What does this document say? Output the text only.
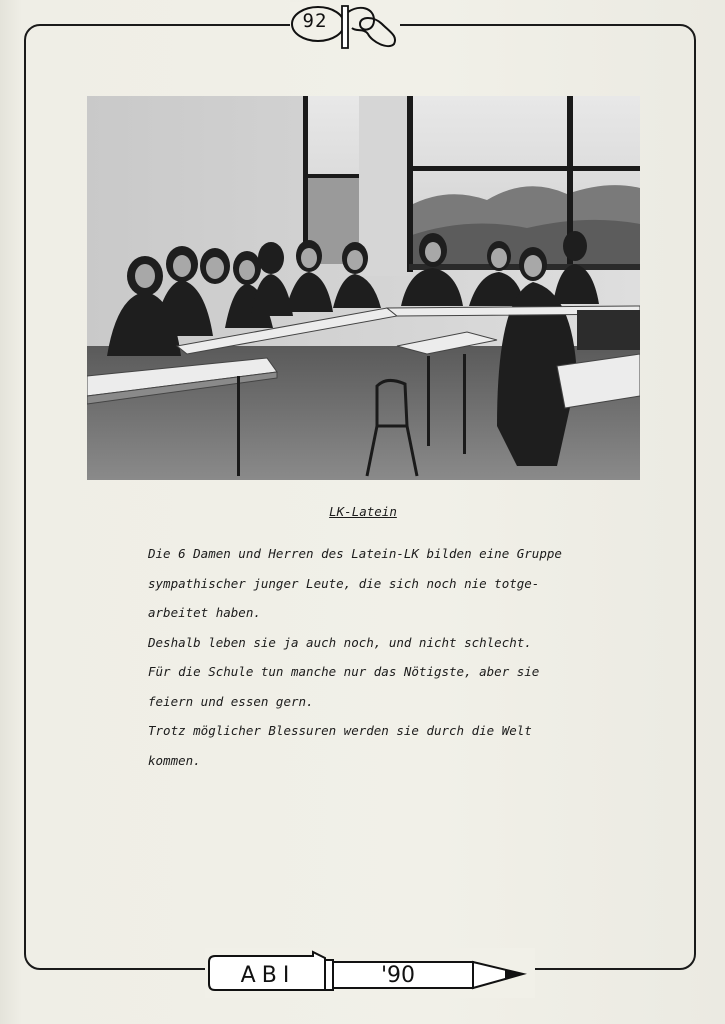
92

LK-Latein

Die 6 Damen und Herren des Latein-LK bilden eine Gruppe

sympathischer junger Leute, die sich noch nie totge-

arbeitet haben.

Deshalb leben sie ja auch noch, und nicht schlecht.

Für die Schule tun manche nur das Nötigste, aber sie

feiern und essen gern.

Trotz möglicher Blessuren werden sie durch die Welt

kommen.

ABI	'90
